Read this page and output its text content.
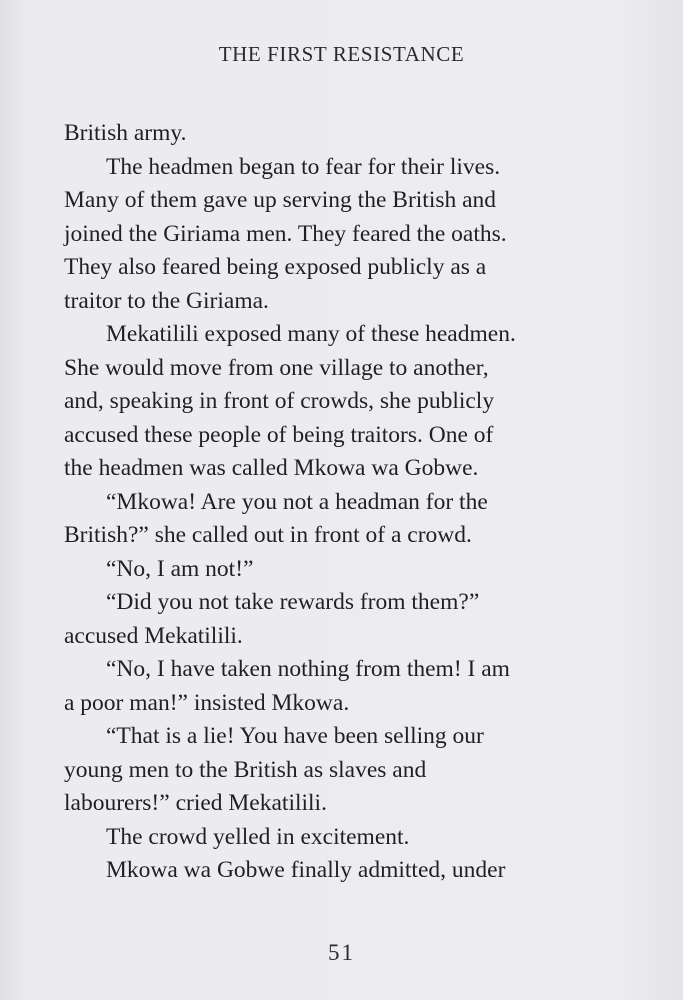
THE FIRST RESISTANCE
British army.
The headmen began to fear for their lives.
Many of them gave up serving the British and
joined the Giriama men. They feared the oaths.
They also feared being exposed publicly as a
traitor to the Giriama.
Mekatilili exposed many of these headmen.
She would move from one village to another,
and, speaking in front of crowds, she publicly
accused these people of being traitors. One of
the headmen was called Mkowa wa Gobwe.
“Mkowa! Are you not a headman for the
British?” she called out in front of a crowd.
“No, I am not!”
“Did you not take rewards from them?”
accused Mekatilili.
“No, I have taken nothing from them! I am
a poor man!” insisted Mkowa.
“That is a lie! You have been selling our
young men to the British as slaves and
labourers!” cried Mekatilili.
The crowd yelled in excitement.
Mkowa wa Gobwe finally admitted, under
51
